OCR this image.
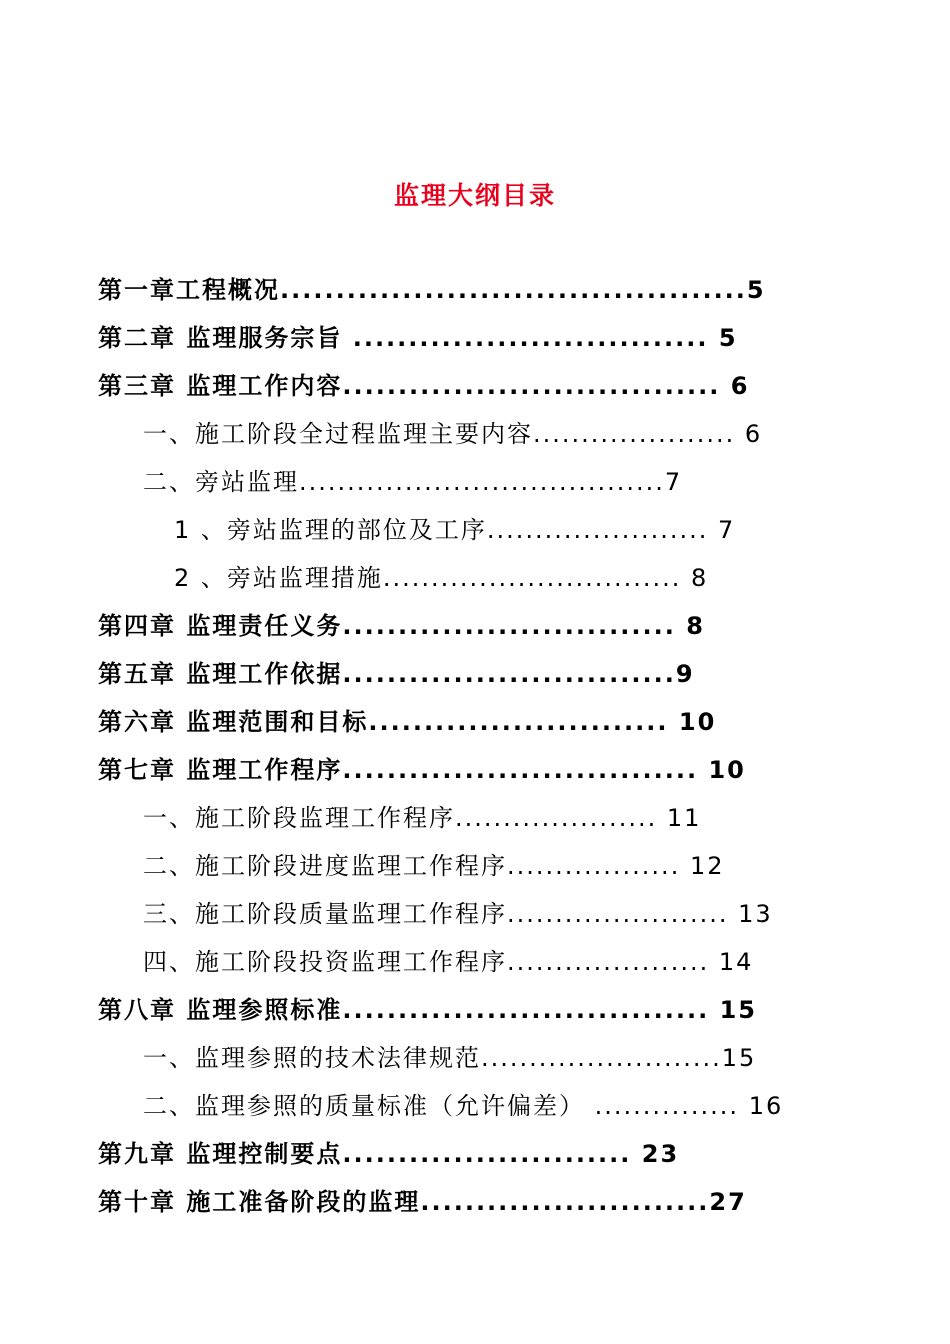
监理大纲目录
第一章工程概况..........................................5
第二章 监理服务宗旨 ................................ 5
第三章 监理工作内容.................................. 6
一、施工阶段全过程监理主要内容..................... 6
二、旁站监理......................................7
1 、旁站监理的部位及工序....................... 7
2 、旁站监理措施............................... 8
第四章 监理责任义务.............................. 8
第五章 监理工作依据..............................9
第六章 监理范围和目标........................... 10
第七章 监理工作程序................................ 10
一、施工阶段监理工作程序..................... 11
二、施工阶段进度监理工作程序.................. 12
三、施工阶段质量监理工作程序....................... 13
四、施工阶段投资监理工作程序..................... 14
第八章 监理参照标准................................. 15
一、监理参照的技术法律规范.........................15
二、监理参照的质量标准（允许偏差） ............... 16
第九章 监理控制要点.......................... 23
第十章 施工准备阶段的监理..........................27
